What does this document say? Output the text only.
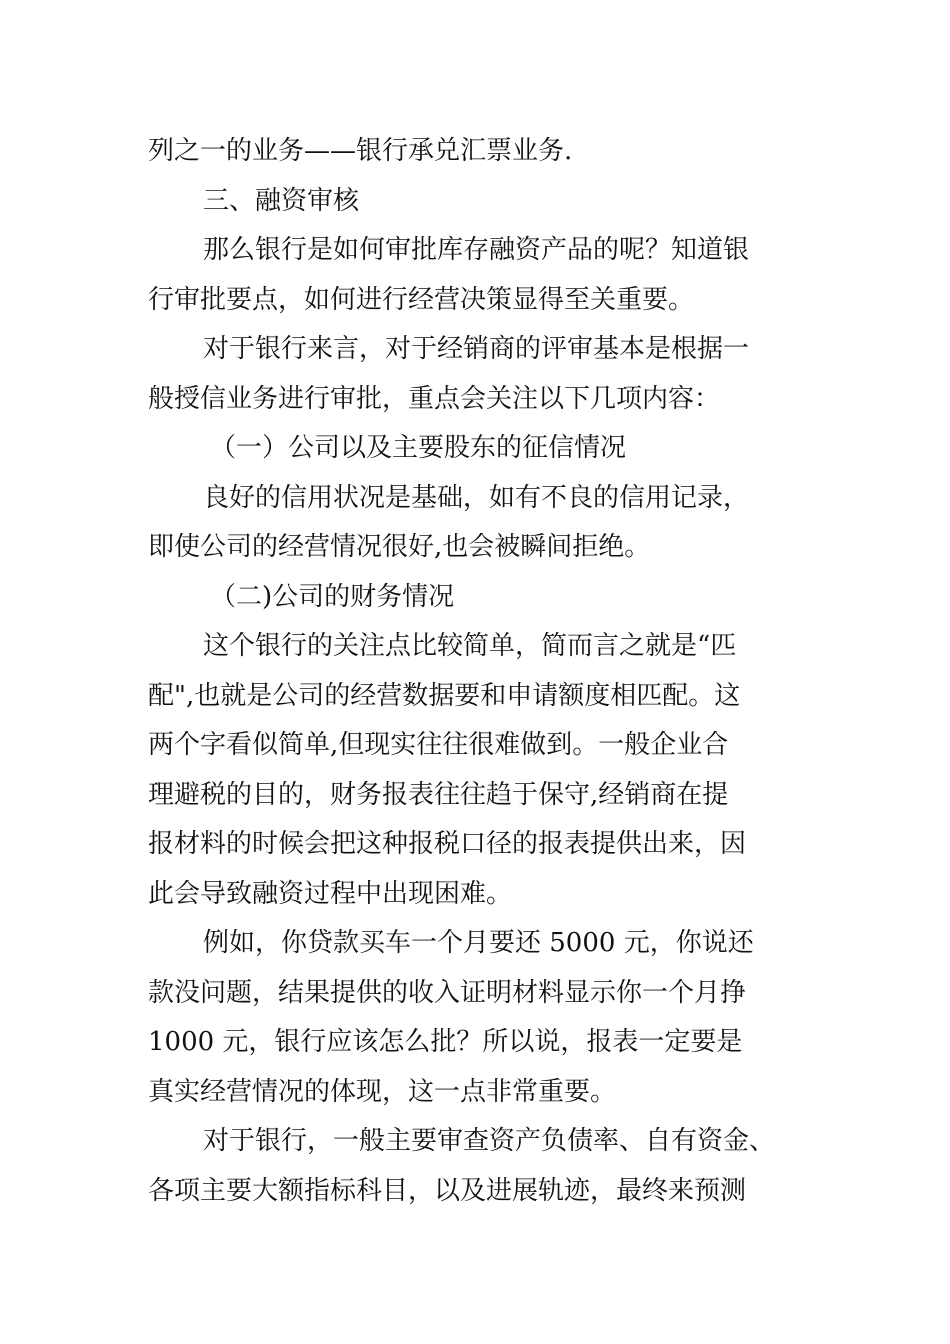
列之一的业务——银行承兑汇票业务.
三、融资审核
那么银行是如何审批库存融资产品的呢？知道银
行审批要点，如何进行经营决策显得至关重要。
对于银行来言，对于经销商的评审基本是根据一
般授信业务进行审批，重点会关注以下几项内容：
（一）公司以及主要股东的征信情况
良好的信用状况是基础，如有不良的信用记录，
即使公司的经营情况很好,也会被瞬间拒绝。
（二)公司的财务情况
这个银行的关注点比较简单，简而言之就是“匹
配",也就是公司的经营数据要和申请额度相匹配。这
两个字看似简单,但现实往往很难做到。一般企业合
理避税的目的，财务报表往往趋于保守,经销商在提
报材料的时候会把这种报税口径的报表提供出来，因
此会导致融资过程中出现困难。
例如，你贷款买车一个月要还 5000 元，你说还
款没问题，结果提供的收入证明材料显示你一个月挣
1000 元，银行应该怎么批？所以说，报表一定要是
真实经营情况的体现，这一点非常重要。
对于银行，一般主要审查资产负债率、自有资金、
各项主要大额指标科目，以及进展轨迹，最终来预测
